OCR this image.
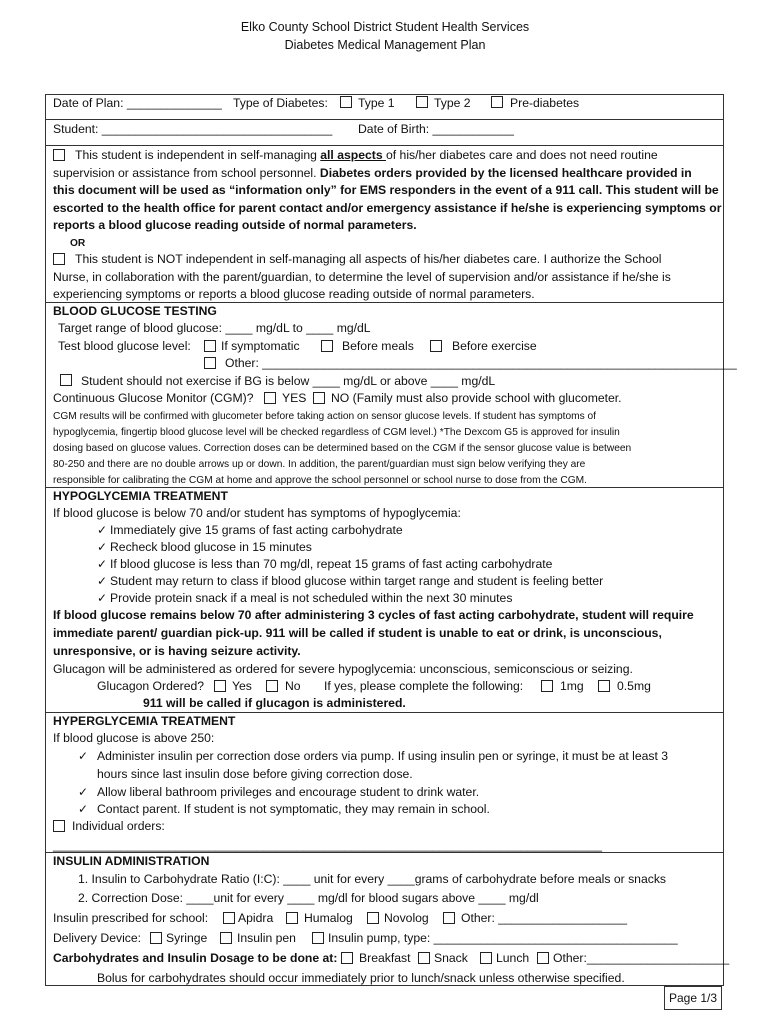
Elko County School District Student Health Services
Diabetes Medical Management Plan
Date of Plan: ______________ Type of Diabetes: Type 1	Type 2	Pre-diabetes
Student: __________________________________ Date of Birth: ____________
This student is independent in self-managing all aspects of his/her diabetes care and does not need routine
supervision or assistance from school personnel. Diabetes orders provided by the licensed healthcare provided in
this document will be used as “information only” for EMS responders in the event of a 911 call. This student will be
escorted to the health office for parent contact and/or emergency assistance if he/she is experiencing symptoms or
reports a blood glucose reading outside of normal parameters.
OR
This student is NOT independent in self-managing all aspects of his/her diabetes care. I authorize the School
Nurse, in collaboration with the parent/guardian, to determine the level of supervision and/or assistance if he/she is
experiencing symptoms or reports a blood glucose reading outside of normal parameters.
BLOOD GLUCOSE TESTING
Target range of blood glucose: ____ mg/dL to ____ mg/dL
Test blood glucose level: If symptomatic	Before meals	Before exercise
Other: ______________________________________________________________________
Student should not exercise if BG is below ____ mg/dL or above ____ mg/dL
Continuous Glucose Monitor (CGM)? YES NO (Family must also provide school with glucometer.
CGM results will be confirmed with glucometer before taking action on sensor glucose levels. If student has symptoms of
hypoglycemia, fingertip blood glucose level will be checked regardless of CGM level.) *The Dexcom G5 is approved for insulin
dosing based on glucose values. Correction doses can be determined based on the CGM if the sensor glucose value is between
80-250 and there are no double arrows up or down. In addition, the parent/guardian must sign below verifying they are
responsible for calibrating the CGM at home and approve the school personnel or school nurse to dose from the CGM.
HYPOGLYCEMIA TREATMENT
If blood glucose is below 70 and/or student has symptoms of hypoglycemia:
✓ Immediately give 15 grams of fast acting carbohydrate
✓ Recheck blood glucose in 15 minutes
✓ If blood glucose is less than 70 mg/dl, repeat 15 grams of fast acting carbohydrate
✓ Student may return to class if blood glucose within target range and student is feeling better
✓ Provide protein snack if a meal is not scheduled within the next 30 minutes
If blood glucose remains below 70 after administering 3 cycles of fast acting carbohydrate, student will require
immediate parent/ guardian pick-up. 911 will be called if student is unable to eat or drink, is unconscious,
unresponsive, or is having seizure activity.
Glucagon will be administered as ordered for severe hypoglycemia: unconscious, semiconscious or seizing.
Glucagon Ordered? Yes	No If yes, please complete the following:	1mg	0.5mg
911 will be called if glucagon is administered.
HYPERGLYCEMIA TREATMENT
If blood glucose is above 250:
✓ Administer insulin per correction dose orders via pump. If using insulin pen or syringe, it must be at least 3
hours since last insulin dose before giving correction dose.
✓ Allow liberal bathroom privileges and encourage student to drink water.
✓ Contact parent. If student is not symptomatic, they may remain in school.
Individual orders:
_________________________________________________________________________________
INSULIN ADMINISTRATION
1. Insulin to Carbohydrate Ratio (I:C): ____ unit for every ____grams of carbohydrate before meals or snacks
2. Correction Dose: ____unit for every ____ mg/dl for blood sugars above ____ mg/dl
Insulin prescribed for school: Apidra	Humalog	Novolog	Other: ___________________
Delivery Device: Syringe Insulin pen	Insulin pump, type: ____________________________________
Carbohydrates and Insulin Dosage to be done at: Breakfast Snack Lunch Other:_____________________
Bolus for carbohydrates should occur immediately prior to lunch/snack unless otherwise specified.
Page 1/3
